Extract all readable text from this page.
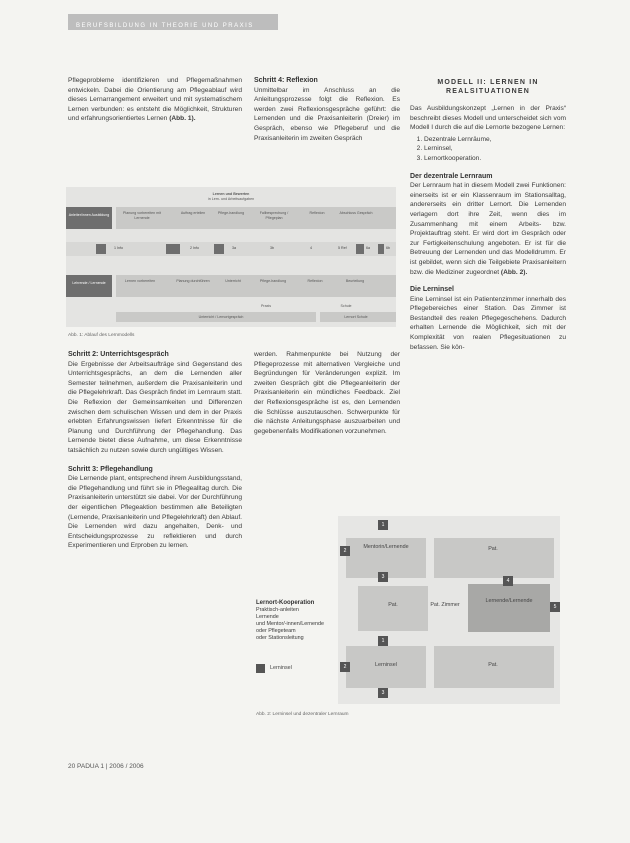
BERUFSBILDUNG IN THEORIE UND PRAXIS

Pflegeprobleme identifizieren und Pflegemaßnahmen entwickeln. Dabei die Orientierung am Pflegeablauf wird dieses Lernarrangement erweitert und mit systematischem Lernen verbunden: es entsteht die Möglichkeit, Strukturen und erfahrungsorientiertes Lernen (Abb. 1).

Schritt 4: Reflexion

Unmittelbar im Anschluss an die Anleitungsprozesse folgt die Reflexion. Es werden zwei Reflexionsgespräche geführt: die Lernenden und die Praxisanleiterin (Dreier) im Gespräch, ebenso wie Pflegeberuf und die Praxisanleiterin im zweiten Gespräch

MODELL II: LERNEN IN REALSITUATIONEN

Das Ausbildungskonzept „Lernen in der Praxis“ beschreibt dieses Modell und unterscheidet sich vom Modell I durch die auf die Lernorte bezogene Lernen:

1. Dezentrale Lernräume,
2. Lerninsel,
3. Lernortkooperation.

Der dezentrale Lernraum

Der Lernraum hat in diesem Modell zwei Funktionen: einerseits ist er ein Klassenraum im Stationsalltag, andererseits ein dritter Lernort. Die Lernenden verlagern dort ihre Zeit, wenn dies im Zusammenhang mit einem Arbeits- bzw. Projektauftrag steht. Er wird dort im Gespräch oder zur Fertigkeitenschulung angeboten. Er ist für die Betreuung der Lernenden und das Modelldrumm. Er ist gebildet, wenn sich die Teilgebiete Praxisanleitern bzw. die Mediziner zugeordnet (Abb. 2).

Die Lerninsel

Eine Lerninsel ist ein Patientenzimmer innerhalb des Pflegebereiches einer Station. Das Zimmer ist Bestandteil des realen Pflegegeschehens. Dadurch erhalten Lernende die Möglichkeit, sich mit der Komplexität von realen Pflegesituationen zu befassen. Sie kön-

Lernen und Bewerten
in Lern- und Arbeitsaufgaben
Anleiter/innen Ausbildung	Planung vorbereiten mit Lernende
Auftrag erteilen	Pflege-handlung	Fallbesprechung / Pflegeplan
Reflexion	Abschluss Gespräch
1 Info	2 Info	3a	3b	4	5 Ref	6a	6b
Lehrende / Lernende	Lernen vorbereiten	Planung durchführen	Unterricht	Pflege-handlung	Reflexion	Beurteilung
Praxis	Schule
Unterricht / Lernortgespräch	Lernort Schule
Abb. 1: Ablauf des Lernmodells

Schritt 2: Unterrichtsgespräch

Die Ergebnisse der Arbeitsaufträge sind Gegenstand des Unterrichtsgesprächs, an dem die Lernenden aller Semester teilnehmen, außerdem die Praxisanleiterin und die Pflegelehrkraft. Das Gespräch findet im Lernraum statt. Die Reflexion der Gemeinsamkeiten und Differenzen zwischen dem schulischen Wissen und dem in der Praxis erlebten Erfahrungswissen liefert Erkenntnisse für die Planung und Durchführung der Pflegehandlung. Das Lernende bietet diese Aufnahme, um diese Erkenntnisse tatsächlich zu nutzen sowie durch ungültiges Wissen.

Schritt 3: Pflegehandlung

Die Lernende plant, entsprechend ihrem Ausbildungsstand, die Pflegehandlung und führt sie in Pflegealltag durch. Die Praxisanleiterin unterstützt sie dabei. Vor der Durchführung der eigentlichen Pflegeaktion bestimmen alle Beteiligten (Lernende, Praxisanleiterin und Pflegelehrkraft) den Ablauf. Die Lernenden wird dazu angehalten, Denk- und Entscheidungsprozesse zu reflektieren und durch Experimentieren und Erproben zu lernen.

werden. Rahmenpunkte bei Nutzung der Pflegeprozesse mit alternativen Vergleiche und Begründungen für Veränderungen explizit. Im zweiten Gespräch gibt die Pflegeanleiterin der Praxisanleiterin ein mündliches Feedback. Ziel der Reflexionsgespräche ist es, den Lernenden die Schlüsse auszutauschen. Schwerpunkte für die nächste Anleitungsphase auszuarbeiten und gegebenenfalls Modifikationen vorzunehmen.

Lernort-Kooperation

Praktisch-anleiten

Lernende

und Mentor/-innen/Lernende

oder Pflegeteam

oder Stationsleitung

Lerninsel
Mentorin/Lernende	Pat.
Pat.	Pat. Zimmer
Lernende/Lernende
Lerninsel	Pat.
1
2
3
4
5
1
2
3
Abb. 2: Lerninsel und dezentraler Lernraum
20 PADUA 1 | 2006 / 2006
